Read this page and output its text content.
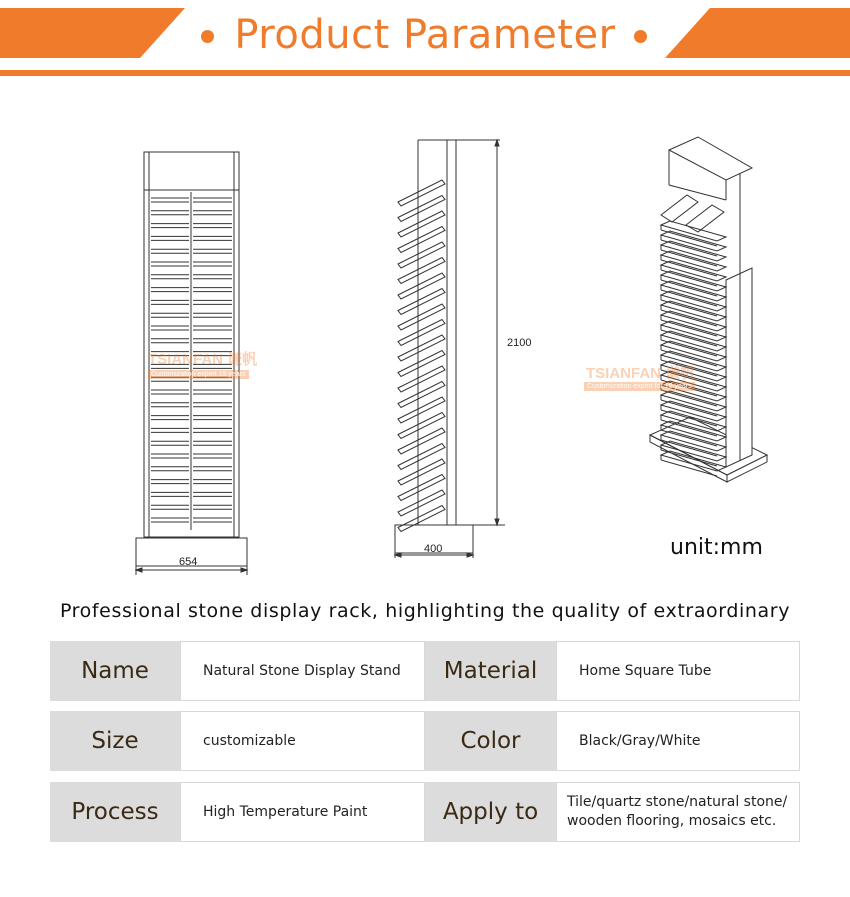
Product Parameter
654
2100
400
TSIANFAN 谦帆
Customization expert 15 years	TSIANFAN 谦帆
Customization expert for 15 years
unit:mm
Professional stone display rack, highlighting the quality of extraordinary
Name	Natural Stone Display Stand	Material	Home Square Tube
Size	customizable	Color	Black/Gray/White
Process	High Temperature Paint	Apply to	Tile/quartz stone/natural stone/ wooden flooring, mosaics etc.
